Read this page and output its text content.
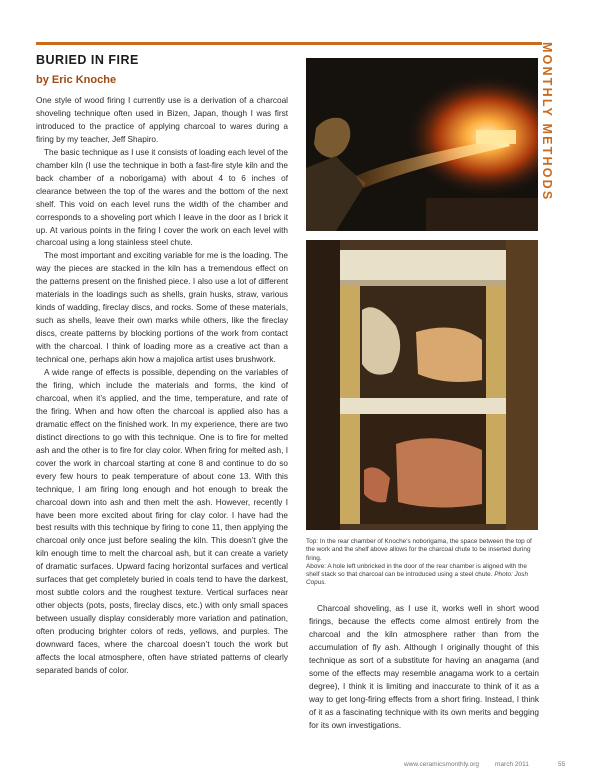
MONTHLY METHODS
BURIED IN FIRE
by Eric Knoche

One style of wood firing I currently use is a derivation of a charcoal shoveling technique often used in Bizen, Japan, though I was first introduced to the practice of applying charcoal to wares during a firing by my teacher, Jeff Shapiro.

The basic technique as I use it consists of loading each level of the chamber kiln (I use the technique in both a fast-fire style kiln and the back chamber of a noborigama) with about 4 to 6 inches of clearance between the top of the wares and the bottom of the next shelf. This void on each level runs the width of the chamber and corresponds to a shoveling port which I leave in the door as I brick it up. At various points in the firing I cover the work on each level with charcoal using a long stainless steel chute.

The most important and exciting variable for me is the loading. The way the pieces are stacked in the kiln has a tremendous effect on the patterns present on the finished piece. I also use a lot of different materials in the loadings such as shells, grain husks, straw, various kinds of wadding, fireclay discs, and rocks. Some of these materials, such as shells, leave their own marks while others, like the fireclay discs, create patterns by blocking portions of the work from contact with the charcoal. I think of loading more as a creative act than a technical one, perhaps akin how a majolica artist uses brushwork.

A wide range of effects is possible, depending on the variables of the firing, which include the materials and forms, the kind of charcoal, when it’s applied, and the time, temperature, and rate of the firing. When and how often the charcoal is applied also has a dramatic effect on the finished work. In my experience, there are two distinct directions to go with this technique. One is to fire for melted ash and the other is to fire for clay color. When firing for melted ash, I cover the work in charcoal starting at cone 8 and continue to do so every few hours to peak temperature of about cone 13. With this technique, I am firing long enough and hot enough to break the charcoal down into ash and then melt the ash. However, recently I have been more excited about firing for clay color. I have had the best results with this technique by firing to cone 11, then applying the charcoal only once just before sealing the kiln. This doesn’t give the kiln enough time to melt the charcoal ash, but it can create a variety of dramatic surfaces. Upward facing horizontal surfaces and vertical surfaces that get completely buried in coals tend to have the darkest, most subtle colors and the roughest texture. Vertical surfaces near other objects (pots, posts, fireclay discs, etc.) with only small spaces between usually display considerably more variation and patination, often producing brighter colors of reds, yellows, and purples. The downward faces, where the charcoal doesn’t touch the work but affects the local atmosphere, often have striated patterns of clearly separated bands of color.

Top: In the rear chamber of Knoche’s noborigama, the space between the top of the work and the shelf above allows for the charcoal chute to be inserted during firing.

Above: A hole left unbricked in the door of the rear chamber is aligned with the shelf stack so that charcoal can be introduced using a steel chute. Photo: Josh Copus.

Charcoal shoveling, as I use it, works well in short wood firings, because the effects come almost entirely from the charcoal and the kiln atmosphere rather than from the accumulation of fly ash. Although I originally thought of this technique as sort of a substitute for having an anagama (and some of the effects may resemble anagama work to a certain degree), I think it is limiting and inaccurate to think of it as a way to get long-firing effects from a short firing. Instead, I think of it as a fascinating technique with its own merits and begging for its own investigations.

www.ceramicsmonthly.org march 2011	55
